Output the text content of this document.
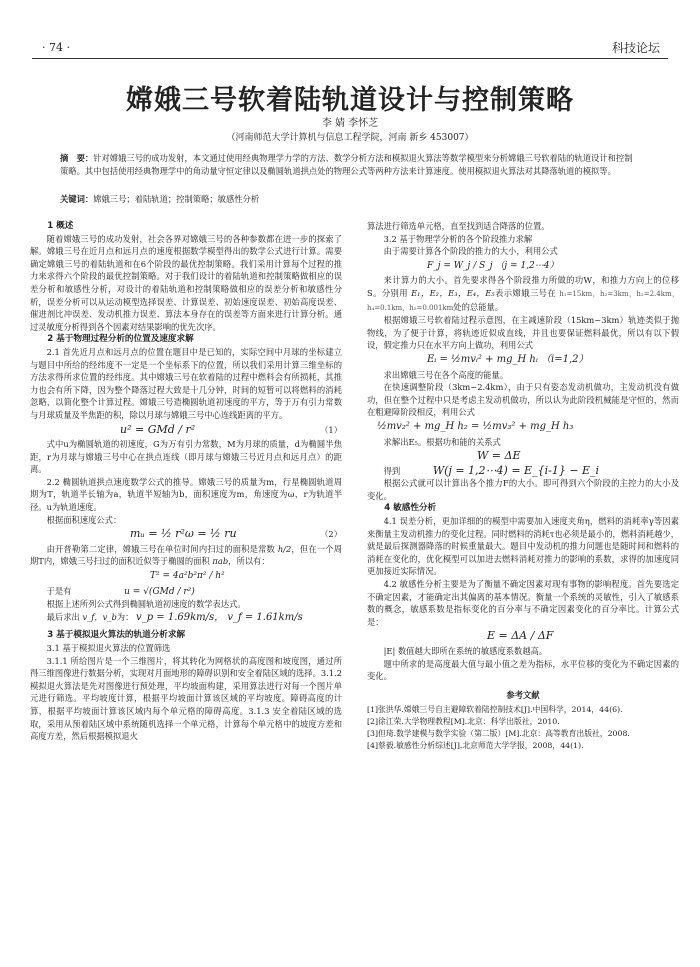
· 74 ·	科技论坛
嫦娥三号软着陆轨道设计与控制策略
李 婧 李怀芝
（河南师范大学计算机与信息工程学院，河南 新乡 453007）
摘　要：针对嫦娥三号的成功发射，本文通过使用经典物理学力学的方法、数学分析方法和模拟退火算法等数学模型来分析嫦娥三号软着陆的轨道设计和控制策略。其中包括使用经典物理学中的角动量守恒定律以及椭圆轨道拱点处的物理公式等两种方法来计算速度。使用模拟退火算法对其降落轨道的模拟等。
关键词：嫦娥三号；着陆轨道；控制策略；敏感性分析

1 概述

随着嫦娥三号的成功发射，社会各界对嫦娥三号的各种参数都在进一步的探索了解。嫦娥三号在近月点和远月点的速度根据数学模型得出的数学公式进行计算。需要确定嫦娥三号的着陆轨道和在6个阶段的最优控制策略。我们采用计算每个过程的推力来求得六个阶段的最优控制策略。对于我们设计的着陆轨道和控制策略做相应的误差分析和敏感性分析，对设计的着陆轨道和控制策略做相应的误差分析和敏感性分析，误差分析可以从运动模型选择误差、计算误差、初始速度误差、初始高度误差、催进剂比冲误差、发动机推力误差、算法本身存在的误差等方面来进行计算分析。通过灵敏度分析得到各个因素对结果影响的优先次序。

2 基于物理过程分析的位置及速度求解

2.1 首先近月点和远月点的位置在题目中是已知的，实际空间中月球的坐标建立与题目中所给的经纬度不一定是一个坐标系下的位置，所以我们采用计算三维坐标的方法求得所求位置的经纬度。其中嫦娥三号在软着陆的过程中燃料会有所损耗，其推力也会有所下降，因为整个降落过程大致是十几分钟，时间的短暂可以将燃料的消耗忽略，以简化整个计算过程。嫦娥三号造椭圆轨道初速度的平方，等于万有引力常数与月球质量及半焦距的积，除以月球与嫦娥三号中心连线距离的平方。

u² = GMd / r²	（1）

式中u为椭圆轨道的初速度，G为万有引力常数，M为月球的质量，d为椭圆半焦距，r为月球与嫦娥三号中心在拱点连线（即月球与嫦娥三号近月点和远月点）的距离。

2.2 椭圆轨道拱点速度数学公式的推导。嫦娥三号的质量为m，行星椭圆轨道周期为T，轨道半长轴为a，轨道半短轴为b，面积速度为m，角速度为ω，r为轨道半径。u为轨道速度。

根据面积速度公式：

mᵤ = ½ r²ω = ½ ru	（2）

由开普勒第二定律，嫦娥三号在单位时间内扫过的面积是常数 h/2，但在一个周期T内，嫦娥三号扫过的面积近似等于椭圆的面积 πab，所以有：

T² = 4a²b²π² / h²

于是有	u = √(GMd / r²)

根据上述所列公式得到椭圆轨道初速度的数学表达式。

最后求出 v_f，v_b为： v_p = 1.69km/s， v_f = 1.61km/s

3 基于模拟退火算法的轨道分析求解

3.1 基于模拟退火算法的位置筛选

3.1.1 所给图片是一个三维图片，将其转化为网格状的高度图和坡度图，通过所得三维图像进行数据分析，实现对月面地形的障碍识别和安全着陆区域的选择。3.1.2 模拟退火算法是先对图像进行预处理，平均坡面构建，采用算法进行对每一个图片单元进行筛选。平均坡度计算，根据平均坡面计算该区域的平均坡度。障碍高度的计算，根据平均坡面计算该区域内每个单元格的障碍高度。3.1.3 安全着陆区域的选取，采用从预着陆区域中系统随机选择一个单元格，计算每个单元格中的坡度方差和高度方差，然后根据模拟退火

算法进行筛选单元格，直至找到适合降落的位置。

3.2 基于物理学分析的各个阶段推力求解

由于需要计算各个阶段的推力的大小，利用公式

F_j = W_j / S_j （j = 1,2⋯4）

来计算力的大小。首先要求得各个阶段推力所做的功W，和推力方向上的位移S。分别用 E₁，E₂，E₃，E₄，E₅表示嫦娥三号在 h₁=15km，h₂=3km，h₃=2.4km，h₄=0.1km，h₅=0.001km处的总能量。

根据嫦娥三号软着陆过程示意图，在主减速阶段（15km~3km）轨迹类似于抛物线，为了便于计算，将轨迹近似成直线，并且也要保证燃料最优，所以有以下假设，假定推力只在水平方向上做功，利用公式

Eᵢ = ½mvᵢ² + mg_H hᵢ （i=1,2）

求出嫦娥三号在各个高度的能量。

在快速调整阶段（3km~2.4km），由于只有姿态发动机做功，主发动机没有做功，但在整个过程中只是考虑主发动机做功，所以认为此阶段机械能是守恒的，然而在粗避障阶段相反，利用公式

½mv₂² + mg_H h₂ = ½mv₃² + mg_H h₃

求解出E₅。根据功和能的关系式

W = ΔE

得到	W(j = 1,2⋯4) = E_{i-1} − E_i

根据公式就可以计算出各个推力F的大小。即可得到六个阶段的主控力的大小及变化。

4 敏感性分析

4.1 误差分析，更加详细的的模型中需要加入速度夹角η，燃料的消耗率γ等因素来衡量主发动机推力的变化过程。同时燃料的消耗τ也必须是最小的，燃料消耗越少，就是最后探测器降落的时候重量最大。题目中发动机的推力问题也是随时间和燃料的消耗在变化的，优化模型可以加进去燃料消耗对推力的影响的系数，求得的加速度同更加接近实际情况。

4.2 敏感性分析主要是为了衡量不确定因素对现有事物的影响程度。首先要选定不确定因素，才能确定出其偏离的基本情况。衡量一个系统的灵敏性，引入了敏感系数的概念，敏感系数是指标变化的百分率与不确定因素变化的百分率比。计算公式是：

E = ΔA / ΔF

|E| 数值越大即所在系统的敏感度系数越高。

题中所求的是高度最大值与最小值之差为指标，水平位移的变化为不确定因素的变化。

参考文献

[1]张洪华.嫦娥三号自主避障软着陆控制技术[J].中国科学，2014，44(6).

[2]徐江荣.大学物理教程[M].北京：科学出版社，2010.

[3]但琦.数学建模与数学实验（第二版）[M].北京：高等教育出版社，2008.

[4]蔡毅.敏感性分析综述[J].北京师范大学学报，2008，44(1).
